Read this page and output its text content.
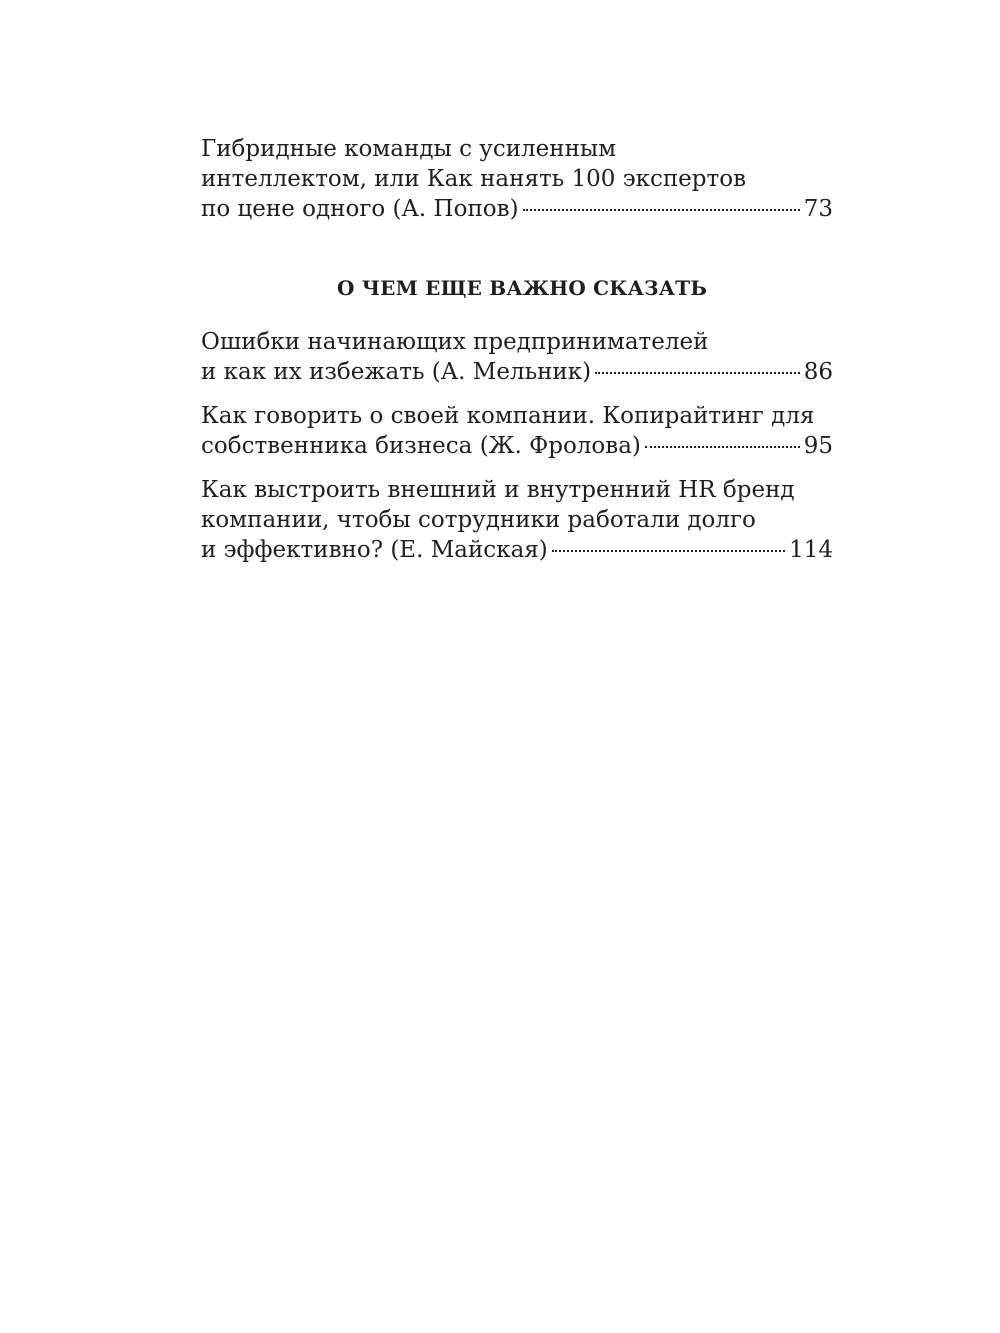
Гибридные команды с усиленным
интеллектом, или Как нанять 100 экспертов
по цене одного (А. Попов)	73
О ЧЕМ ЕЩЕ ВАЖНО СКАЗАТЬ
Ошибки начинающих предпринимателей
и как их избежать (А. Мельник)	86
Как говорить о своей компании. Копирайтинг для
собственника бизнеса (Ж. Фролова)	95
Как выстроить внешний и внутренний HR бренд
компании, чтобы сотрудники работали долго
и эффективно? (Е. Майская)	114
